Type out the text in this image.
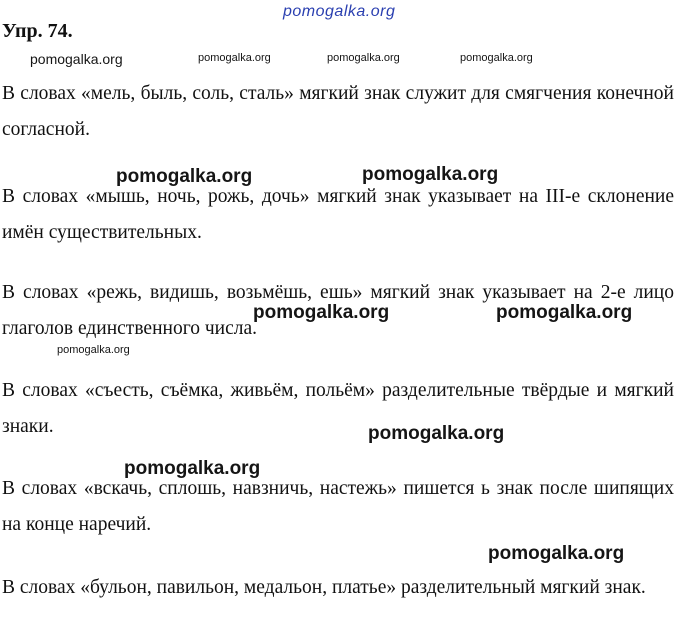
pomogalka.org
Упр. 74.
pomogalka.org	pomogalka.org	pomogalka.org	pomogalka.org

В словах «мель, быль, соль, сталь» мягкий знак служит для смягчения конечной согласной.

В словах «мышь, ночь, рожь, дочь» мягкий знак указывает на III-е склонение имён существительных.

В словах «режь, видишь, возьмёшь, ешь» мягкий знак указывает на 2-е лицо глаголов единственного числа.

В словах «съесть, съёмка, живьём, польём» разделительные твёрдые и мягкий знаки.

В словах «вскачь, сплошь, навзничь, настежь» пишется ь знак после шипящих на конце наречий.

В словах «бульон, павильон, медальон, платье» разделительный мягкий знак.

pomogalka.org	pomogalka.org
pomogalka.org	pomogalka.org
pomogalka.org
pomogalka.org
pomogalka.org
pomogalka.org
